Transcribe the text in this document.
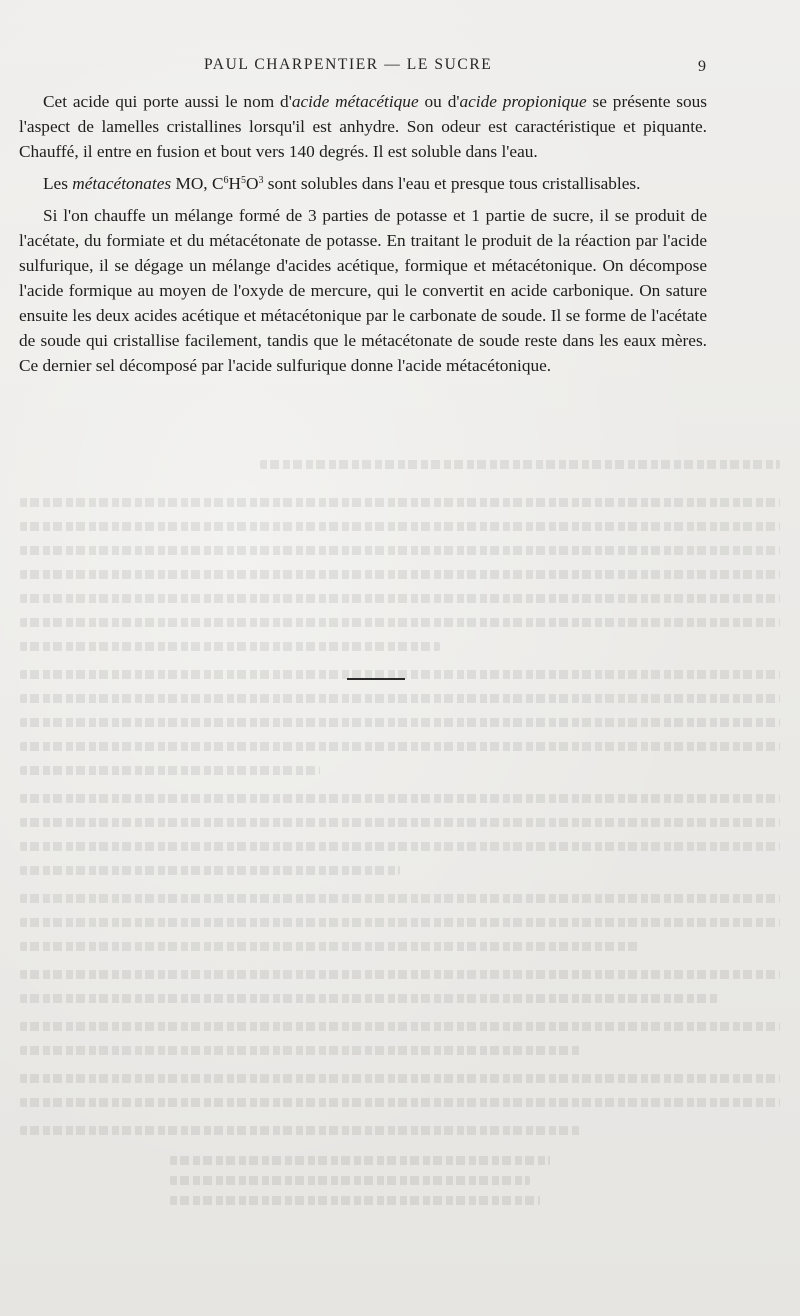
PAUL CHARPENTIER — LE SUCRE	9

Cet acide qui porte aussi le nom d'acide métacétique ou d'acide propionique se présente sous l'aspect de lamelles cristallines lorsqu'il est anhydre. Son odeur est caractéristique et piquante. Chauffé, il entre en fusion et bout vers 140 degrés. Il est soluble dans l'eau.

Les métacétonates MO, $C^6H^5O^3$ sont solubles dans l'eau et presque tous cristallisables.

Si l'on chauffe un mélange formé de 3 parties de potasse et 1 partie de sucre, il se produit de l'acétate, du formiate et du métacétonate de potasse. En traitant le produit de la réaction par l'acide sulfurique, il se dégage un mélange d'acides acétique, formique et métacétonique. On décompose l'acide formique au moyen de l'oxyde de mercure, qui le convertit en acide carbonique. On sature ensuite les deux acides acétique et métacétonique par le carbonate de soude. Il se forme de l'acétate de soude qui cristallise facilement, tandis que le métacétonate de soude reste dans les eaux mères. Ce dernier sel décomposé par l'acide sulfurique donne l'acide métacétonique.
